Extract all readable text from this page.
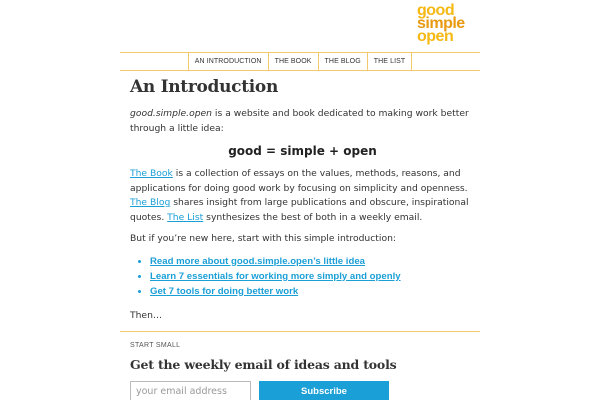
good
simple
open
AN INTRODUCTION	THE BOOK	THE BLOG	THE LIST
An Introduction

good.simple.open is a website and book dedicated to making work better through a little idea:

good = simple + open

The Book is a collection of essays on the values, methods, reasons, and applications for doing good work by focusing on simplicity and openness. The Blog shares insight from large publications and obscure, inspirational quotes. The List synthesizes the best of both in a weekly email.

But if you’re new here, start with this simple introduction:

• Read more about good.simple.open’s little idea
• Learn 7 essentials for working more simply and openly
• Get 7 tools for doing better work

Then…

START SMALL
Get the weekly email of ideas and tools
your email address
Subscribe
